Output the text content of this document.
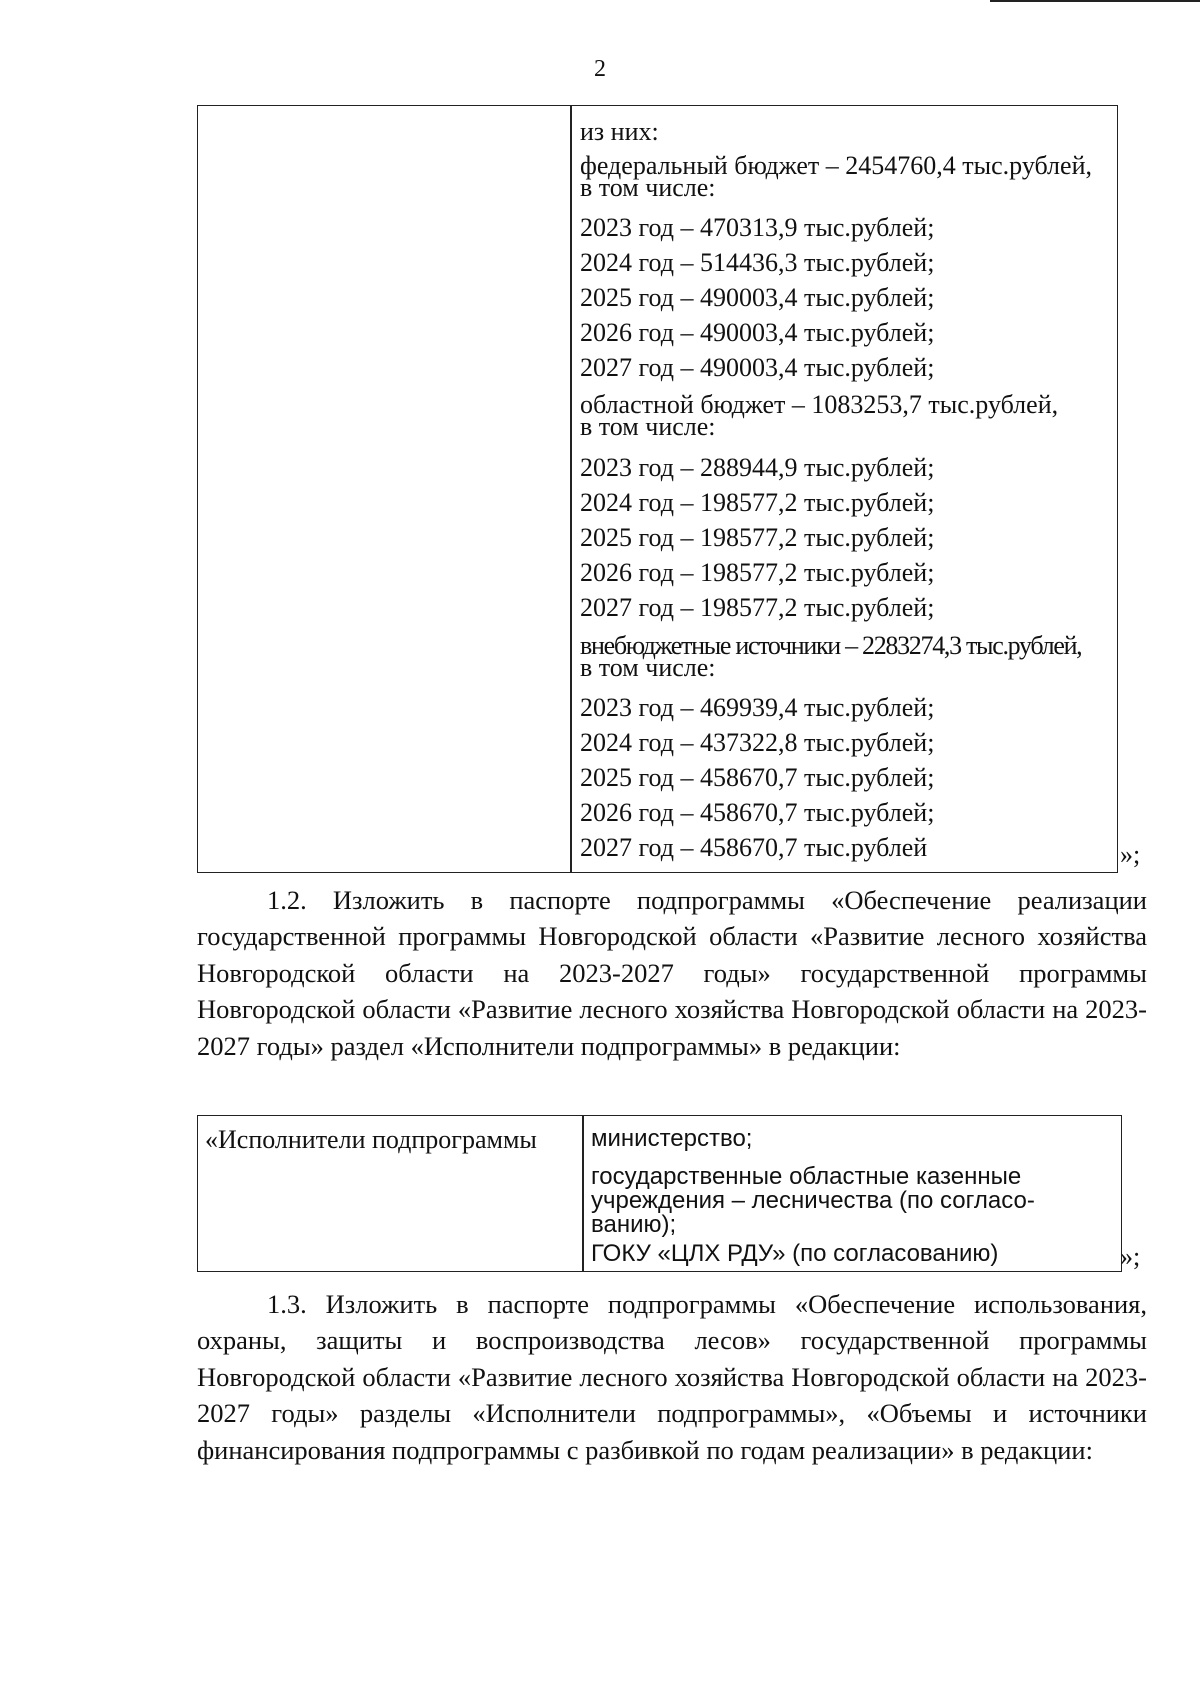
2
из них:
федеральный бюджет – 2454760,4 тыс.рублей,
в том числе:
2023 год – 470313,9 тыс.рублей;
2024 год – 514436,3 тыс.рублей;
2025 год – 490003,4 тыс.рублей;
2026 год – 490003,4 тыс.рублей;
2027 год – 490003,4 тыс.рублей;
областной бюджет – 1083253,7 тыс.рублей,
в том числе:
2023 год – 288944,9 тыс.рублей;
2024 год – 198577,2 тыс.рублей;
2025 год – 198577,2 тыс.рублей;
2026 год – 198577,2 тыс.рублей;
2027 год – 198577,2 тыс.рублей;
внебюджетные источники – 2283274,3 тыс.рублей,
в том числе:
2023 год – 469939,4 тыс.рублей;
2024 год – 437322,8 тыс.рублей;
2025 год – 458670,7 тыс.рублей;
2026 год – 458670,7 тыс.рублей;
2027 год – 458670,7 тыс.рублей	»;

1.2. Изложить в паспорте подпрограммы «Обеспечение реализации государственной программы Новгородской области «Развитие лесного хозяйства Новгородской области на 2023-2027 годы» государственной программы Новгородской области «Развитие лесного хозяйства Новгородской области на 2023-2027 годы» раздел «Исполнители подпрограммы» в редакции:

«Исполнители подпрограммы министерство;
государственные областные казенные
учреждения – лесничества (по согласо-
ванию);
ГОКУ «ЦЛХ РДУ» (по согласованию)	»;

1.3. Изложить в паспорте подпрограммы «Обеспечение использования, охраны, защиты и воспроизводства лесов» государственной программы Новгородской области «Развитие лесного хозяйства Новгородской области на 2023-2027 годы» разделы «Исполнители подпрограммы», «Объемы и источники финансирования подпрограммы с разбивкой по годам реализации» в редакции:
